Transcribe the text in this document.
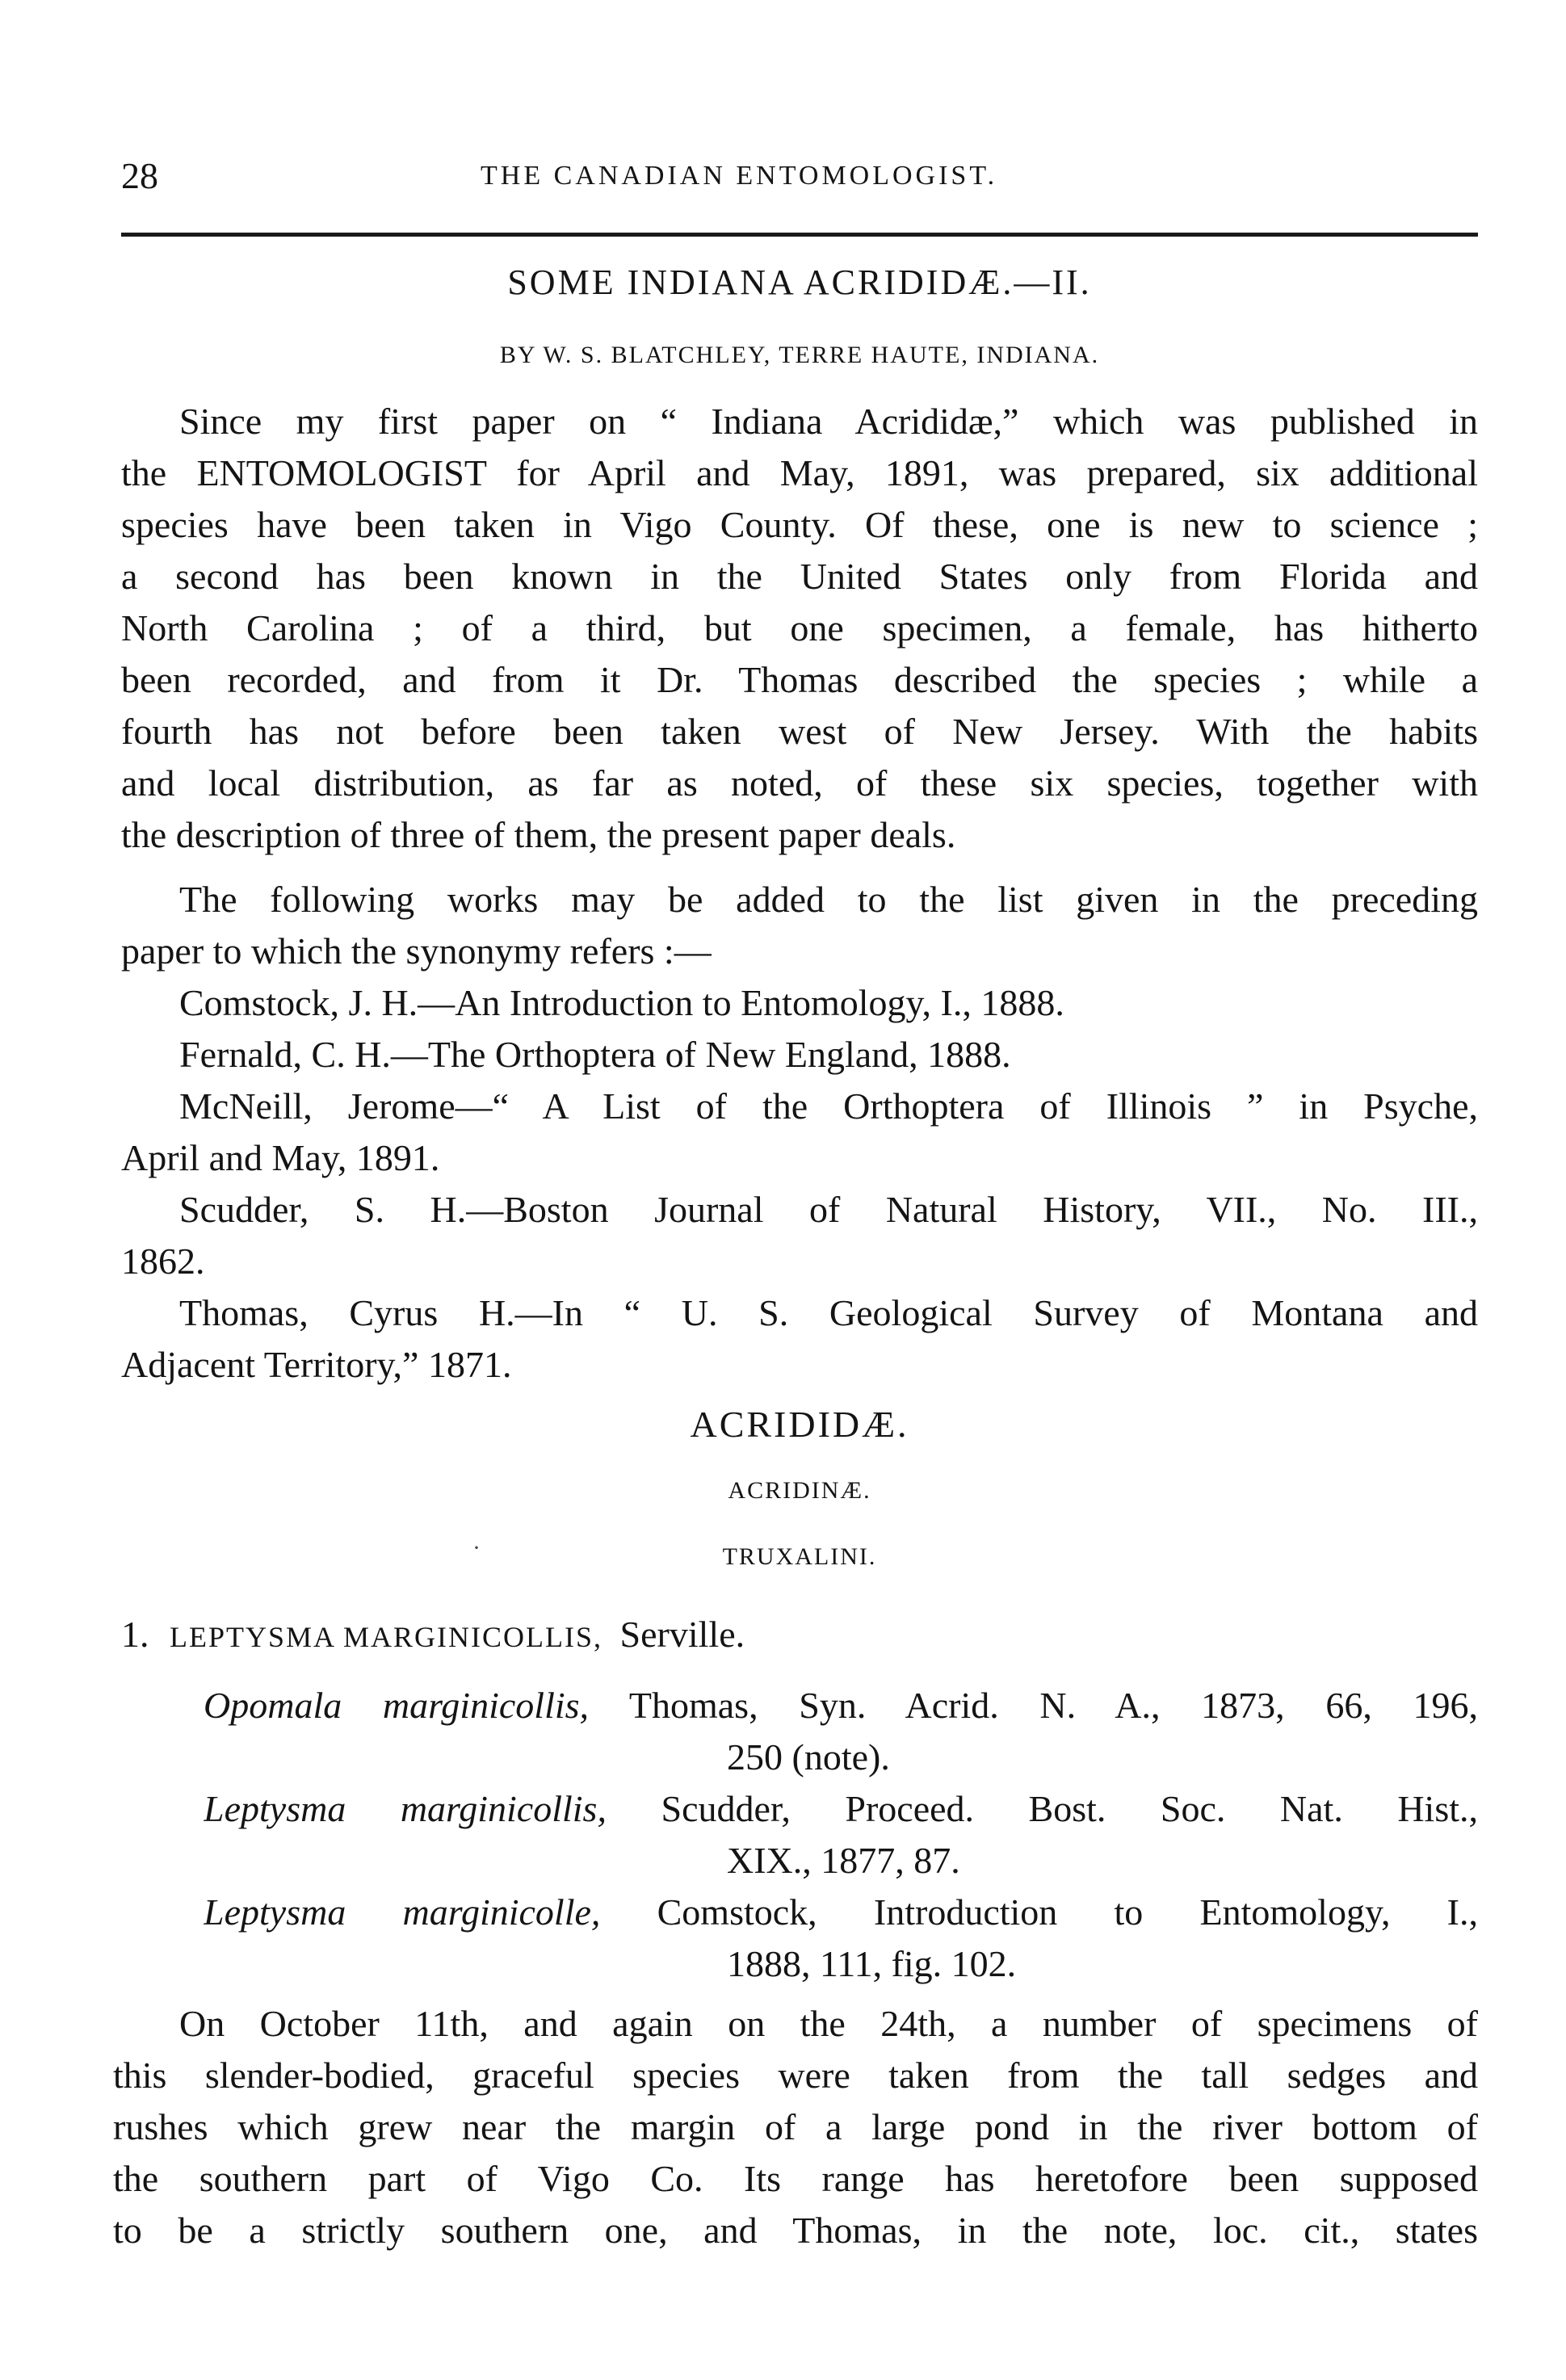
28	THE CANADIAN ENTOMOLOGIST.
SOME INDIANA ACRIDIDÆ.—II.
BY W. S. BLATCHLEY, TERRE HAUTE, INDIANA.
Since my first paper on “ Indiana Acrididæ,” which was published in
the ENTOMOLOGIST for April and May, 1891, was prepared, six additional
species have been taken in Vigo County. Of these, one is new to science ;
a second has been known in the United States only from Florida and
North Carolina ; of a third, but one specimen, a female, has hitherto
been recorded, and from it Dr. Thomas described the species ; while a
fourth has not before been taken west of New Jersey. With the habits
and local distribution, as far as noted, of these six species, together with
the description of three of them, the present paper deals.
The following works may be added to the list given in the preceding
paper to which the synonymy refers :—
Comstock, J. H.—An Introduction to Entomology, I., 1888.
Fernald, C. H.—The Orthoptera of New England, 1888.
McNeill, Jerome—“ A List of the Orthoptera of Illinois ” in Psyche,
April and May, 1891.
Scudder, S. H.—Boston Journal of Natural History, VII., No. III.,
1862.
Thomas, Cyrus H.—In “ U. S. Geological Survey of Montana and
Adjacent Territory,” 1871.
ACRIDIDÆ.
ACRIDINÆ.
TRUXALINI.
·
1. LEPTYSMA MARGINICOLLIS, Serville.
Opomala marginicollis, Thomas, Syn. Acrid. N. A., 1873, 66, 196,
250 (note).
Leptysma marginicollis, Scudder, Proceed. Bost. Soc. Nat. Hist.,
XIX., 1877, 87.
Leptysma marginicolle, Comstock, Introduction to Entomology, I.,
1888, 111, fig. 102.
On October 11th, and again on the 24th, a number of specimens of
this slender-bodied, graceful species were taken from the tall sedges and
rushes which grew near the margin of a large pond in the river bottom of
the southern part of Vigo Co. Its range has heretofore been supposed
to be a strictly southern one, and Thomas, in the note, loc. cit., states
